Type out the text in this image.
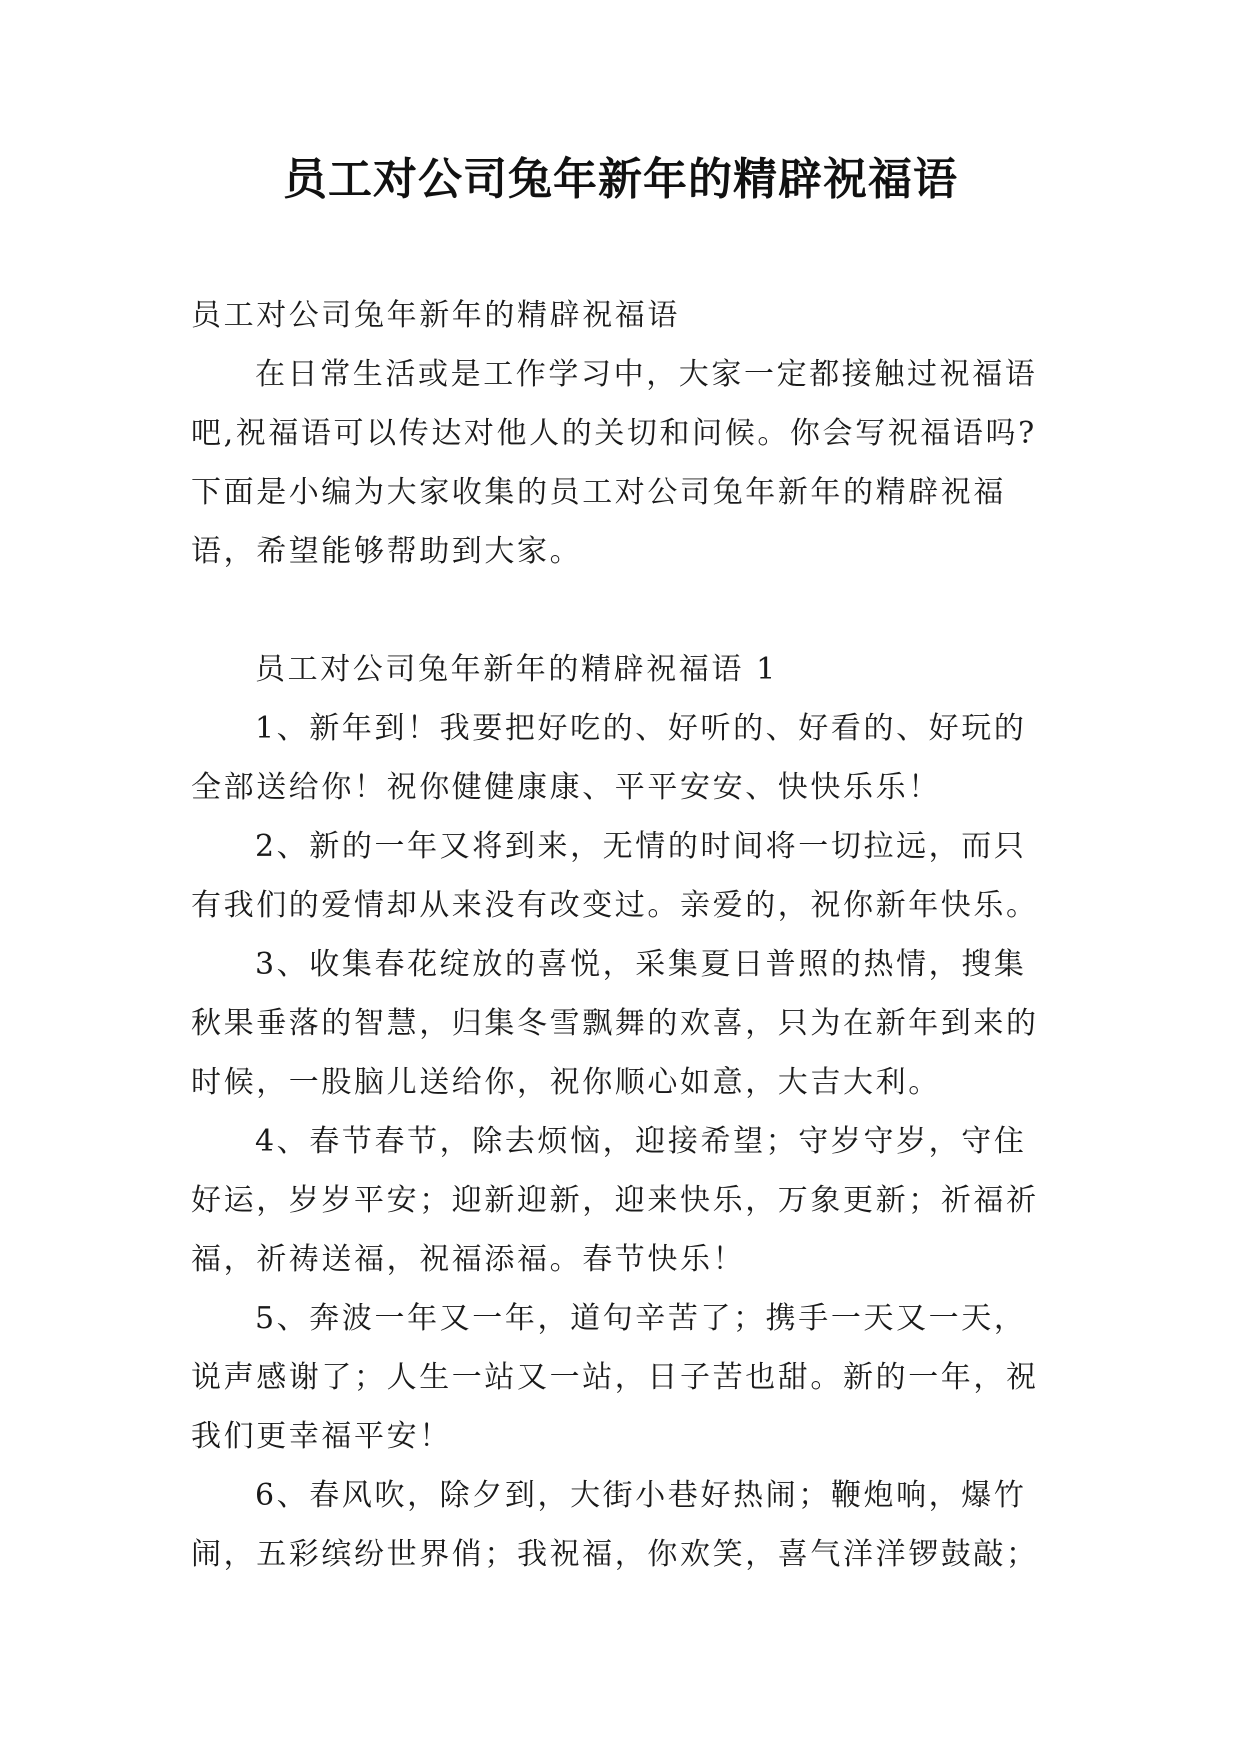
员工对公司兔年新年的精辟祝福语

员工对公司兔年新年的精辟祝福语

在日常生活或是工作学习中，大家一定都接触过祝福语吧,祝福语可以传达对他人的关切和问候。你会写祝福语吗?下面是小编为大家收集的员工对公司兔年新年的精辟祝福语，希望能够帮助到大家。

员工对公司兔年新年的精辟祝福语 1

1、新年到！我要把好吃的、好听的、好看的、好玩的全部送给你！祝你健健康康、平平安安、快快乐乐！

2、新的一年又将到来，无情的时间将一切拉远，而只有我们的爱情却从来没有改变过。亲爱的，祝你新年快乐。

3、收集春花绽放的喜悦，采集夏日普照的热情，搜集秋果垂落的智慧，归集冬雪飘舞的欢喜，只为在新年到来的时候，一股脑儿送给你，祝你顺心如意，大吉大利。

4、春节春节，除去烦恼，迎接希望；守岁守岁，守住好运，岁岁平安；迎新迎新，迎来快乐，万象更新；祈福祈福，祈祷送福，祝福添福。春节快乐！

5、奔波一年又一年，道句辛苦了；携手一天又一天，说声感谢了；人生一站又一站，日子苦也甜。新的一年，祝我们更幸福平安！

6、春风吹，除夕到，大街小巷好热闹；鞭炮响，爆竹闹，五彩缤纷世界俏；我祝福，你欢笑，喜气洋洋锣鼓敲；
